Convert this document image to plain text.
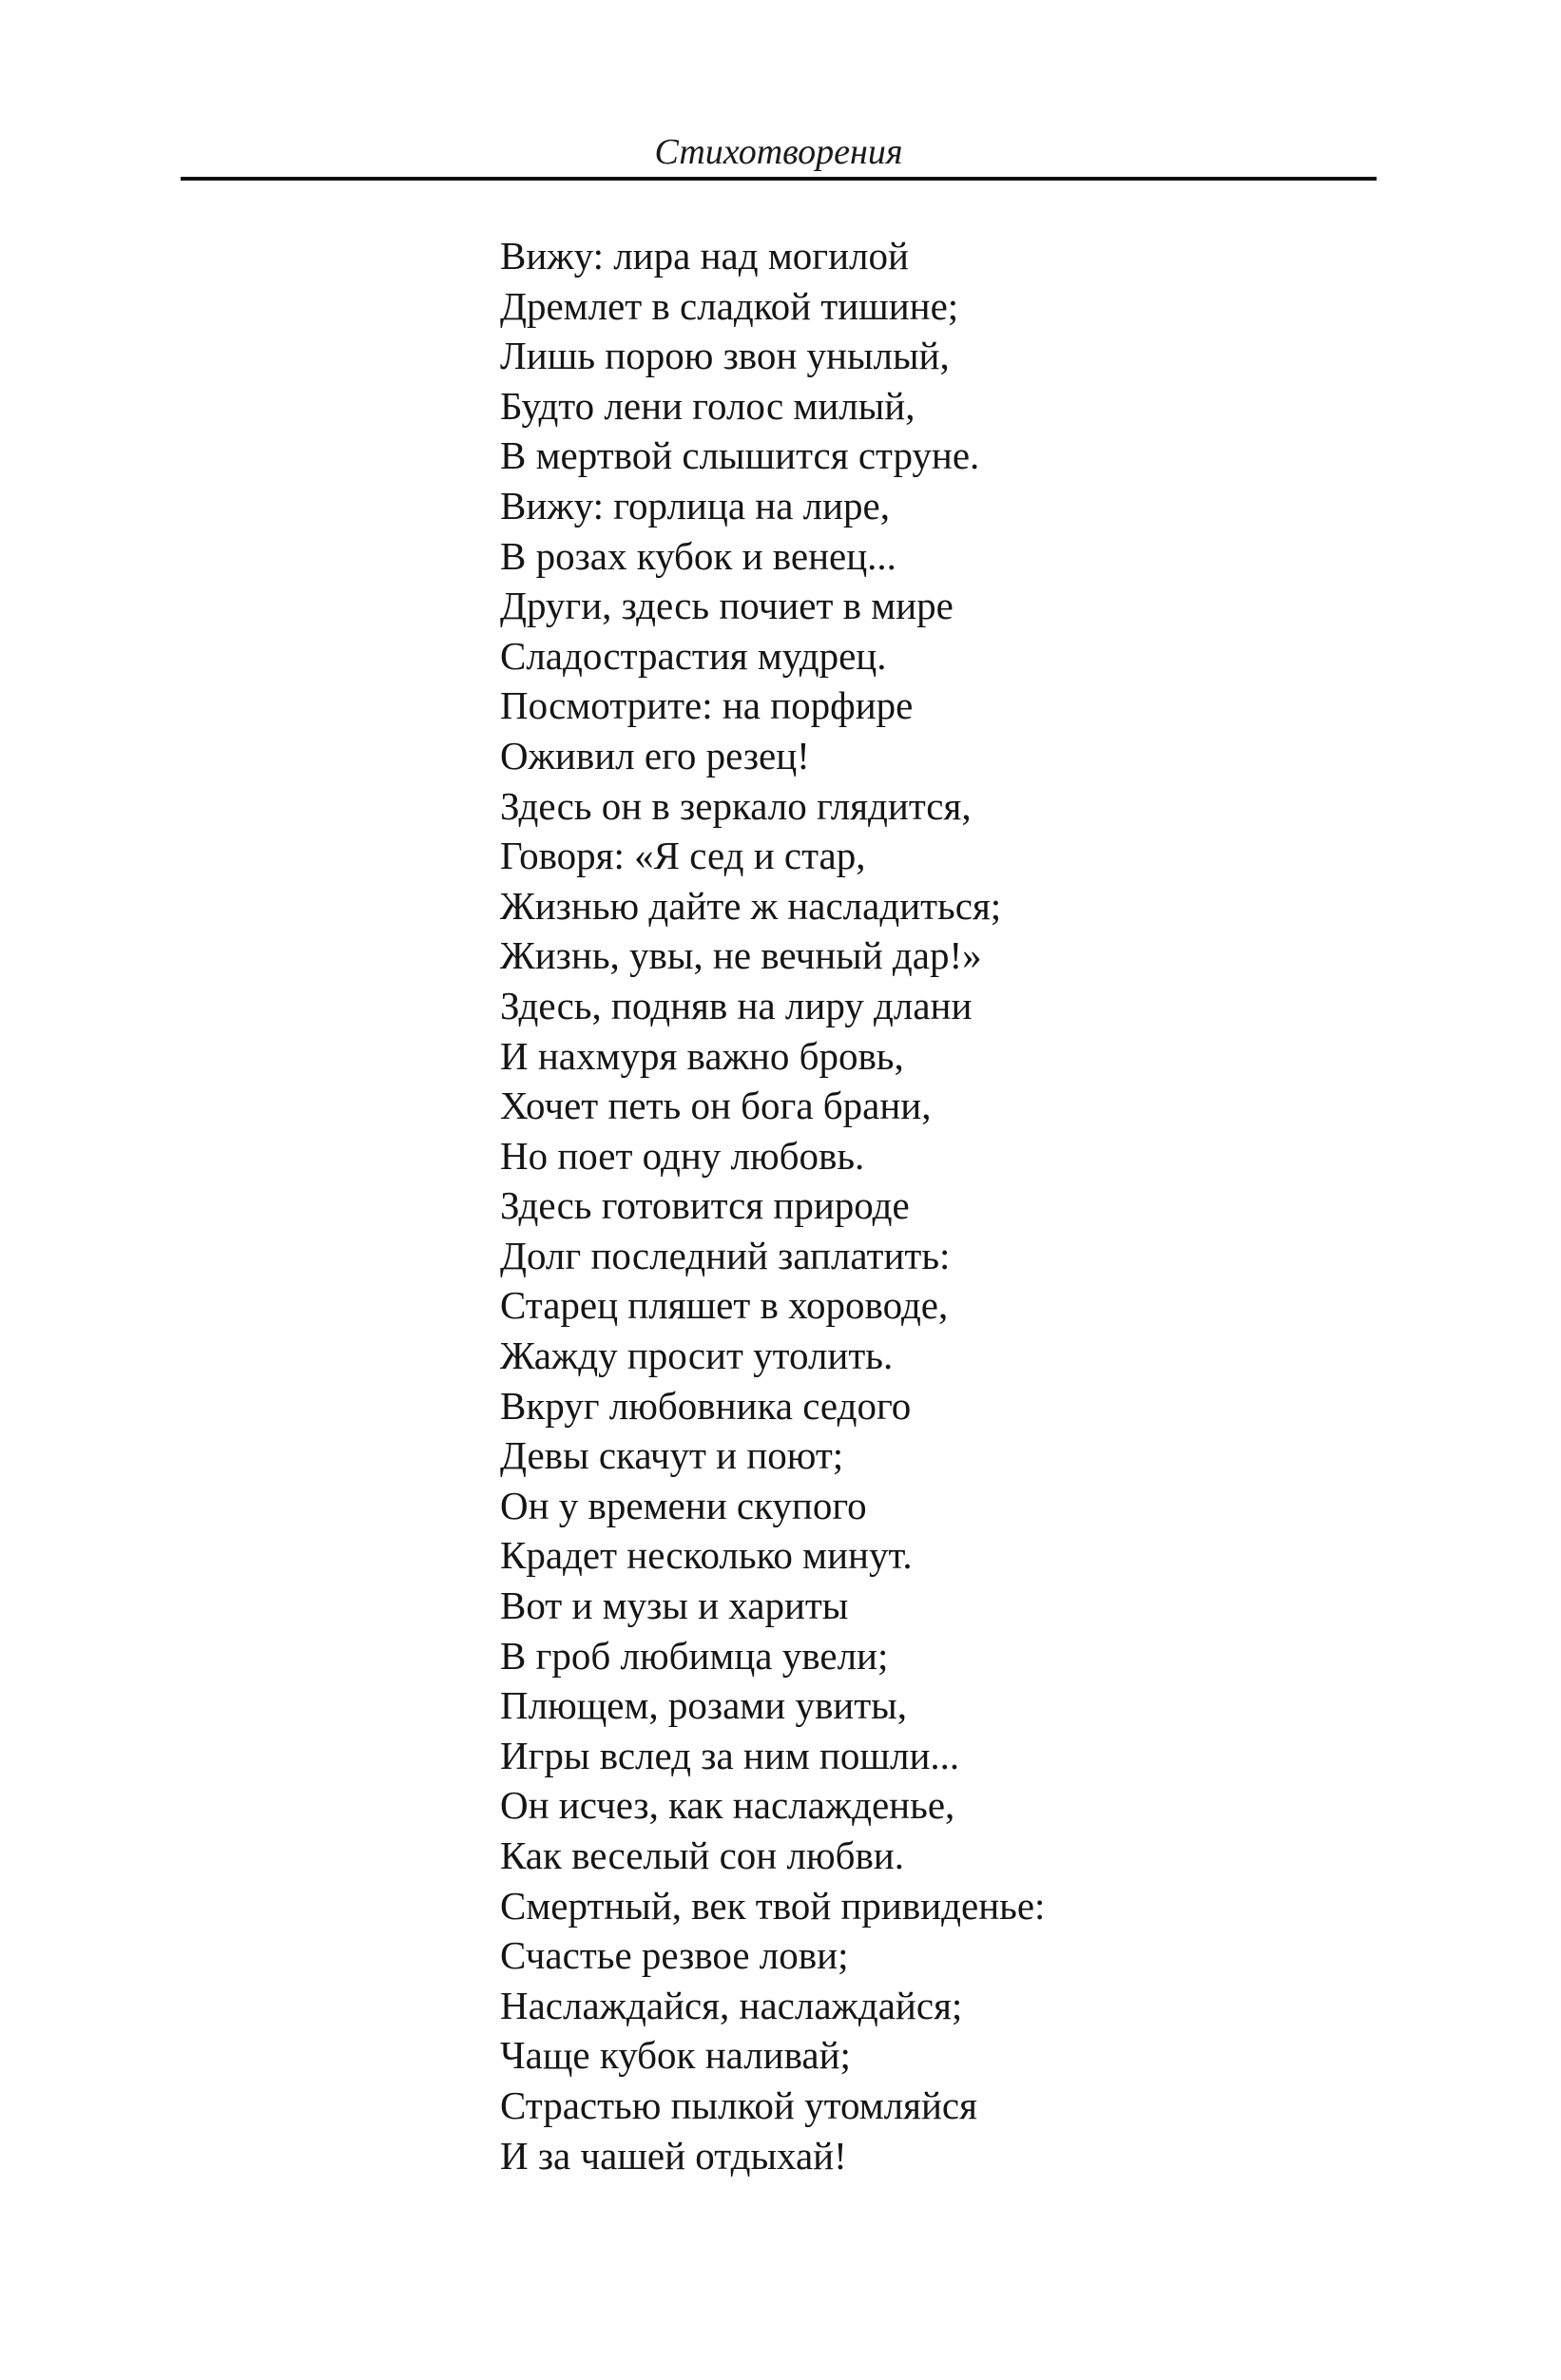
Стихотворения
Вижу: лира над могилой
Дремлет в сладкой тишине;
Лишь порою звон унылый,
Будто лени голос милый,
В мертвой слышится струне.
Вижу: горлица на лире,
В розах кубок и венец...
Други, здесь почиет в мире
Сладострастия мудрец.
Посмотрите: на порфире
Оживил его резец!
Здесь он в зеркало глядится,
Говоря: «Я сед и стар,
Жизнью дайте ж насладиться;
Жизнь, увы, не вечный дар!»
Здесь, подняв на лиру длани
И нахмуря важно бровь,
Хочет петь он бога брани,
Но поет одну любовь.
Здесь готовится природе
Долг последний заплатить:
Старец пляшет в хороводе,
Жажду просит утолить.
Вкруг любовника седого
Девы скачут и поют;
Он у времени скупого
Крадет несколько минут.
Вот и музы и хариты
В гроб любимца увели;
Плющем, розами увиты,
Игры вслед за ним пошли...
Он исчез, как наслажденье,
Как веселый сон любви.
Смертный, век твой привиденье:
Счастье резвое лови;
Наслаждайся, наслаждайся;
Чаще кубок наливай;
Страстью пылкой утомляйся
И за чашей отдыхай!
